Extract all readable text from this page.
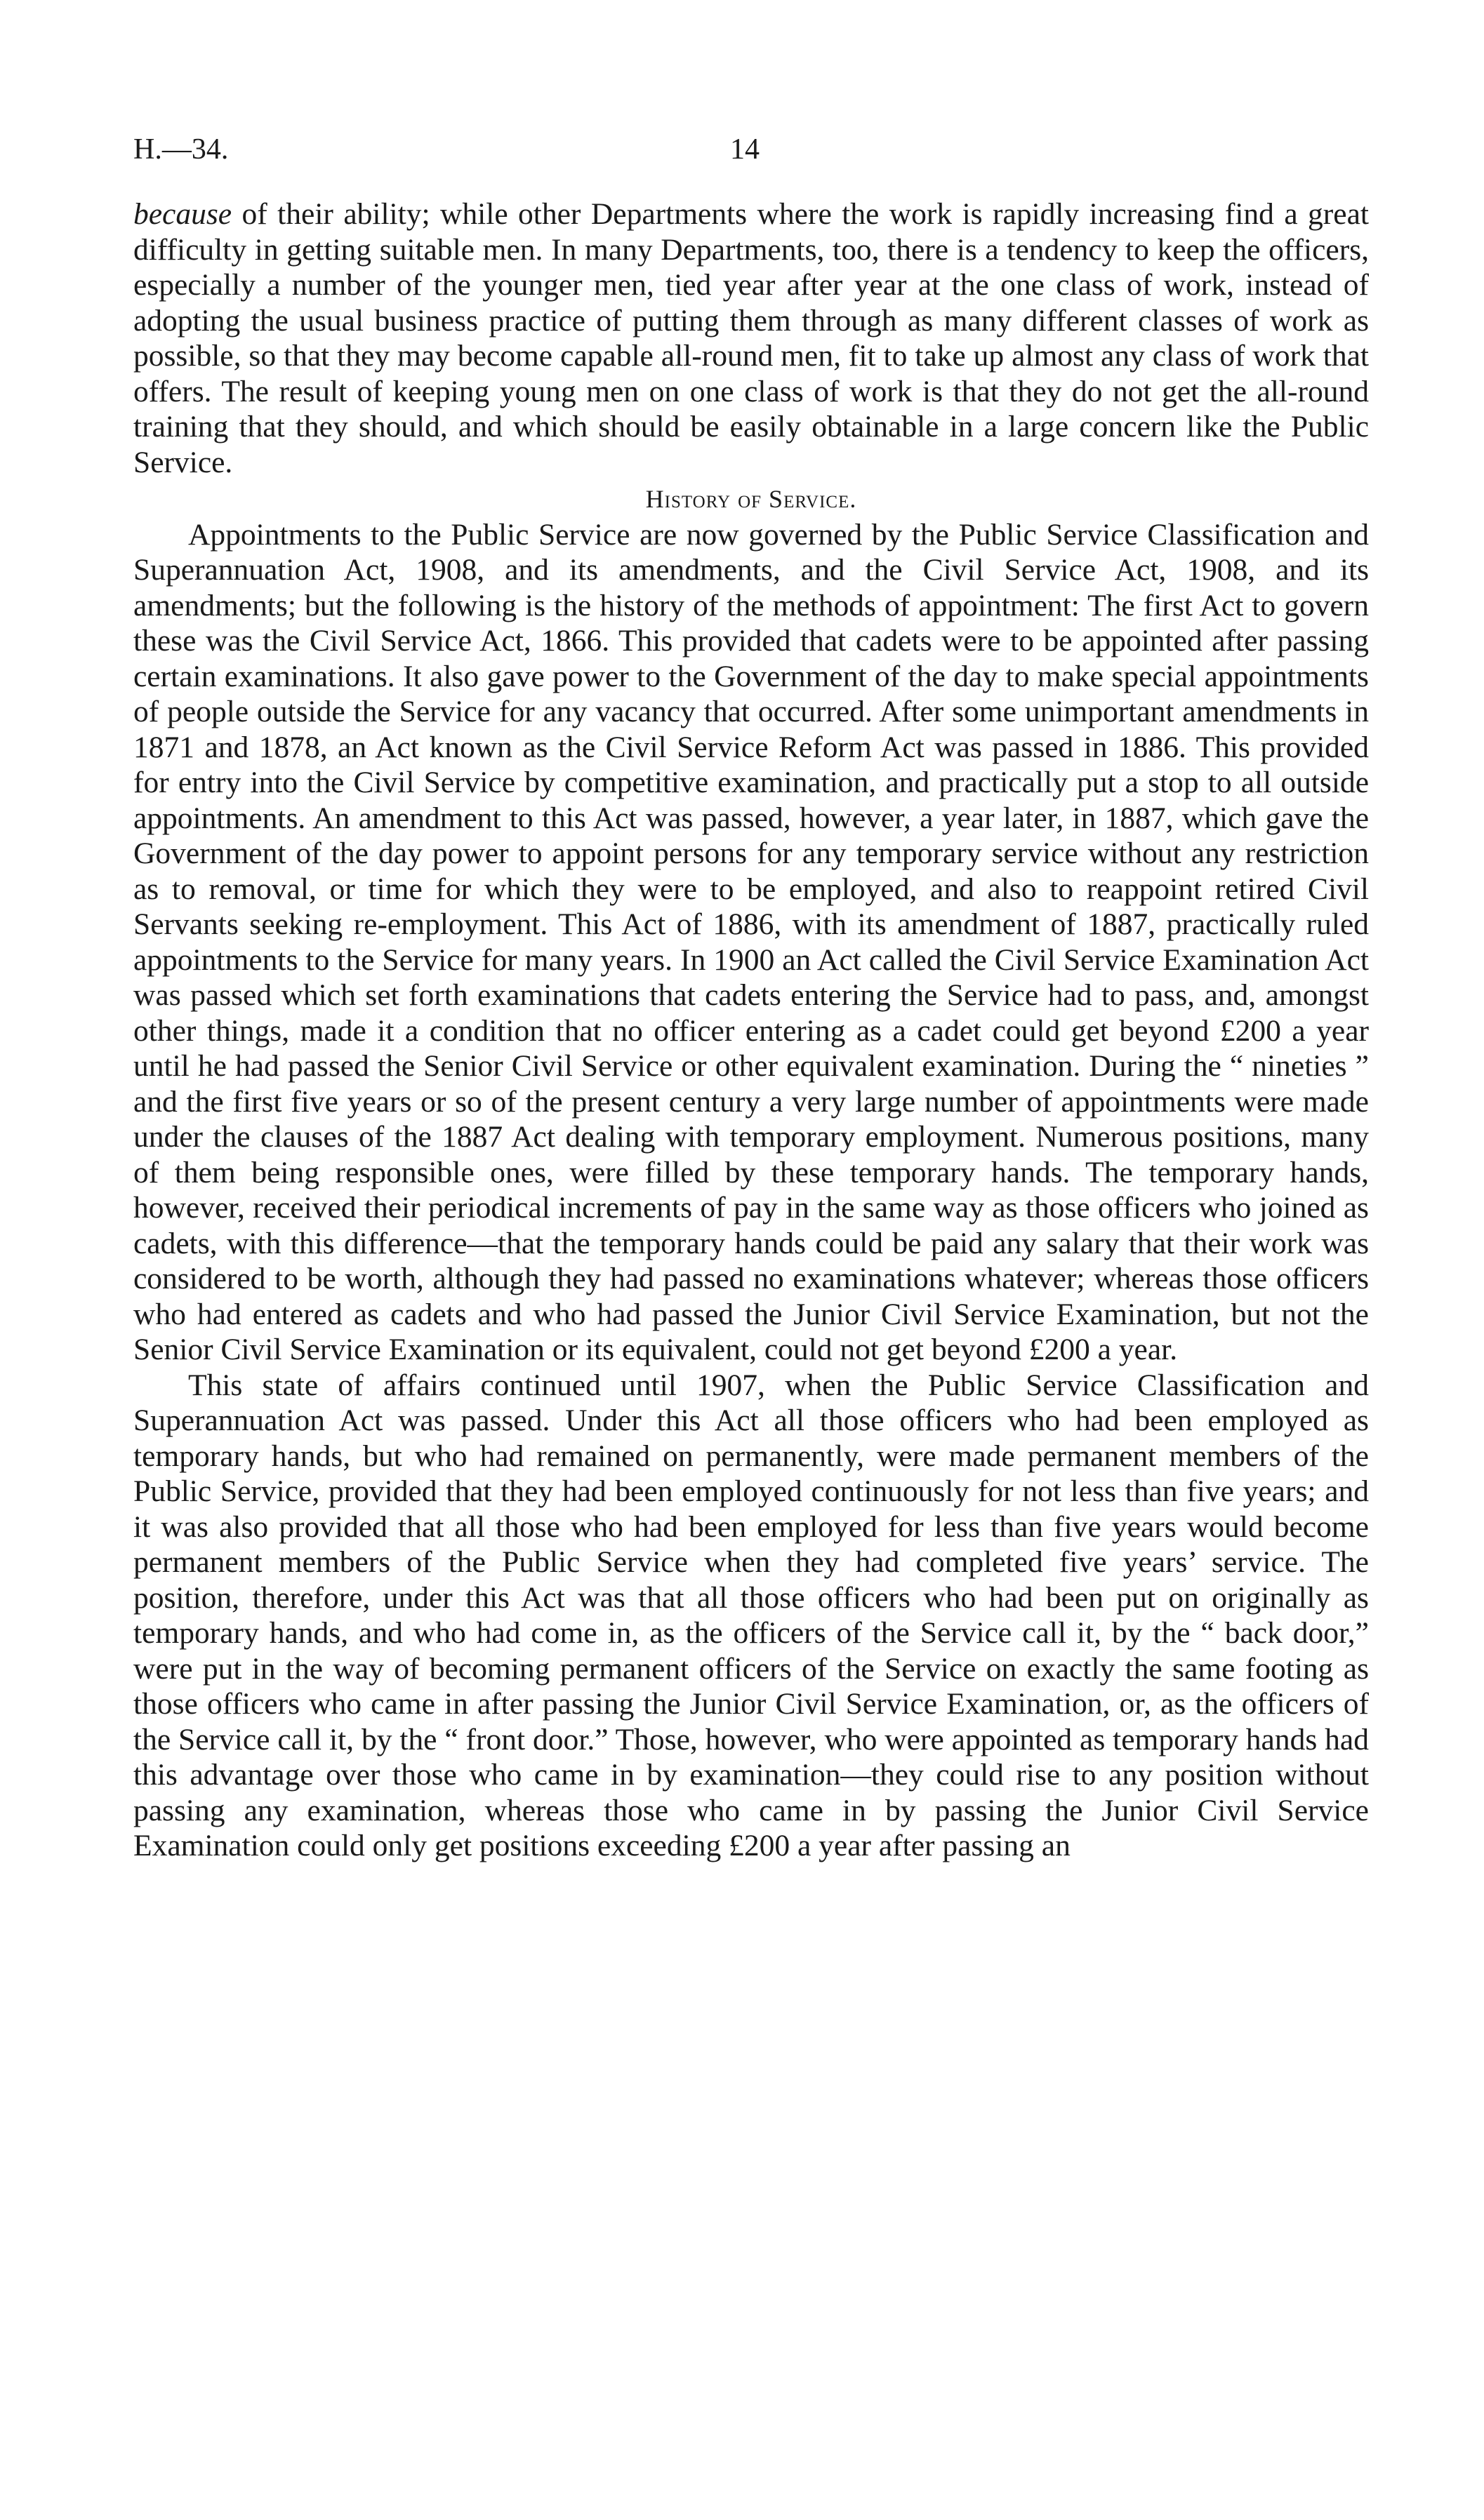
H.—34.	14

because of their ability; while other Departments where the work is rapidly increasing find a great difficulty in getting suitable men. In many Departments, too, there is a tendency to keep the officers, especially a number of the younger men, tied year after year at the one class of work, instead of adopting the usual business practice of putting them through as many different classes of work as possible, so that they may become capable all-round men, fit to take up almost any class of work that offers. The result of keeping young men on one class of work is that they do not get the all-round training that they should, and which should be easily obtainable in a large concern like the Public Service.

History of Service.

Appointments to the Public Service are now governed by the Public Service Classification and Superannuation Act, 1908, and its amendments, and the Civil Service Act, 1908, and its amendments; but the following is the history of the methods of appointment: The first Act to govern these was the Civil Service Act, 1866. This provided that cadets were to be appointed after passing certain examinations. It also gave power to the Government of the day to make special appointments of people outside the Service for any vacancy that occurred. After some unimportant amendments in 1871 and 1878, an Act known as the Civil Service Reform Act was passed in 1886. This provided for entry into the Civil Service by competitive examination, and practically put a stop to all outside appointments. An amendment to this Act was passed, however, a year later, in 1887, which gave the Government of the day power to appoint persons for any temporary service without any restriction as to removal, or time for which they were to be employed, and also to reappoint retired Civil Servants seeking re-employment. This Act of 1886, with its amendment of 1887, practically ruled appointments to the Service for many years. In 1900 an Act called the Civil Service Examination Act was passed which set forth examinations that cadets entering the Service had to pass, and, amongst other things, made it a condition that no officer entering as a cadet could get beyond £200 a year until he had passed the Senior Civil Service or other equivalent examination. During the “ nineties ” and the first five years or so of the present century a very large number of appointments were made under the clauses of the 1887 Act dealing with temporary employment. Numerous positions, many of them being responsible ones, were filled by these temporary hands. The temporary hands, however, received their periodical increments of pay in the same way as those officers who joined as cadets, with this difference—that the temporary hands could be paid any salary that their work was considered to be worth, although they had passed no examinations whatever; whereas those officers who had entered as cadets and who had passed the Junior Civil Service Examination, but not the Senior Civil Service Examination or its equivalent, could not get beyond £200 a year.

This state of affairs continued until 1907, when the Public Service Classification and Superannuation Act was passed. Under this Act all those officers who had been employed as temporary hands, but who had remained on permanently, were made permanent members of the Public Service, provided that they had been employed continuously for not less than five years; and it was also provided that all those who had been employed for less than five years would become permanent members of the Public Service when they had completed five years’ service. The position, therefore, under this Act was that all those officers who had been put on originally as temporary hands, and who had come in, as the officers of the Service call it, by the “ back door,” were put in the way of becoming permanent officers of the Service on exactly the same footing as those officers who came in after passing the Junior Civil Service Examination, or, as the officers of the Service call it, by the “ front door.” Those, however, who were appointed as temporary hands had this advantage over those who came in by examination—they could rise to any position without passing any examination, whereas those who came in by passing the Junior Civil Service Examination could only get positions exceeding £200 a year after passing an
